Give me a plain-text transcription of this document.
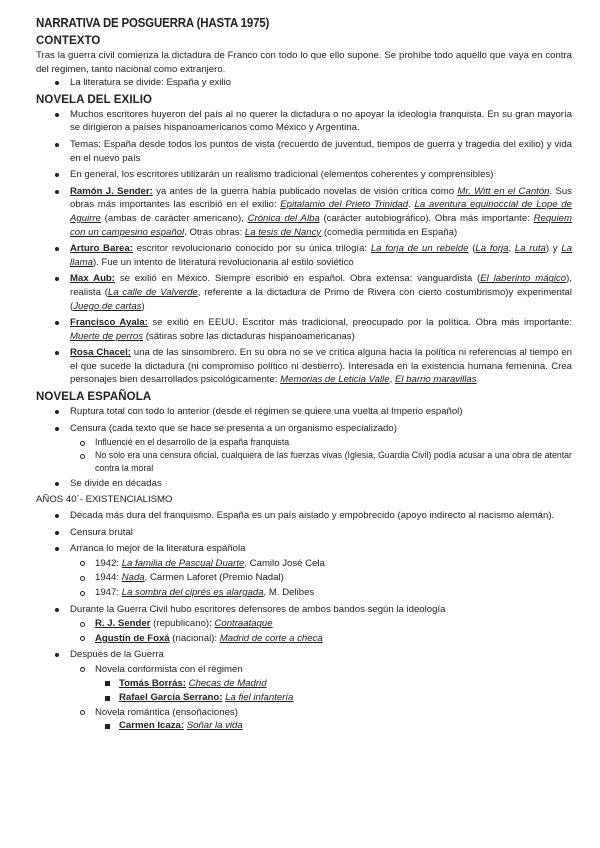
NARRATIVA DE POSGUERRA (HASTA 1975)
CONTEXTO

Tras la guerra civil comienza la dictadura de Franco con todo lo que ello supone. Se prohíbe todo aquello que vaya en contra del régimen, tanto nacional como extranjero.

La literatura se divide: España y exilio
NOVELA DEL EXILIO
Muchos escritores huyeron del país al no querer la dictadura o no apoyar la ideología franquista. En su gran mayoría se dirigieron a países hispanoamericanos como México y Argentina.
Temas: España desde todos los puntos de vista (recuerdo de juventud, tiempos de guerra y tragedia del exilio) y vida en el nuevo país
En general, los escritores utilizarán un realismo tradicional (elementos coherentes y comprensibles)
Ramón J. Sender: ya antes de la guerra había publicado novelas de visión crítica como Mr. Witt en el Cantón. Sus obras más importantes las escribió en el exilio: Epitalamio del Prieto Trinidad. La aventura equinoccial de Lope de Aguirre (ambas de carácter americano), Crónica del Alba (carácter autobiográfico). Obra más importante: Requiem con un campesino español. Otras obras: La tesis de Nancy (comedia permitida en España)
Arturo Barea: escritor revolucionario conocido por su única trilogía: La forja de un rebelde (La forja, La ruta) y La llama). Fue un intento de literatura revolucionaria al estilo soviético
Max Aub: se exilió en México. Siempre escribió en español. Obra extensa: vanguardista (El laberinto mágico), realista (La calle de Valverde, referente a la dictadura de Primo de Rivera con cierto costumbrismo)y experimental (Juego de cartas)
Francisco Ayala: se exilió en EEUU. Escritor más tradicional, preocupado por la política. Obra más importante: Muerte de perros (sátiras sobre las dictaduras hispanoamericanas)
Rosa Chacel: una de las sinsombrero. En su obra no se ve crítica alguna hacia la política ni referencias al tiempo en el que sucede la dictadura (ni compromiso político ni destierro). Interesada en la existencia humana femenina. Crea personajes bien desarrollados psicológicamente: Memorias de Leticia Valle, El barrio maravillas
NOVELA ESPAÑOLA
Ruptura total con todo lo anterior (desde el régimen se quiere una vuelta al Imperio español)
Censura (cada texto que se hace se presenta a un organismo especializado)
Influencié en el desarrollo de la españa franquista
No solo era una censura oficial, cualquiera de las fuerzas vivas (Iglesia, Guardia Civil) podía acusar a una obra de atentar contra la moral
Se divide en décadas
AÑOS 40´- EXISTENCIALISMO
Década más dura del franquismo. España es un país aislado y empobrecido (apoyo indirecto al nacismo alemán).
Censura brutal
Arranca lo mejor de la literatura española
1942: La familia de Pascual Duarte, Camilo José Cela
1944: Nada, Carmen Laforet (Premio Nadal)
1947: La sombra del ciprés es alargada, M. Delibes
Durante la Guerra Civil hubo escritores defensores de ambos bandos según la ideología
R. J. Sender (republicano): Contraataque
Agustín de Foxá (nacional): Madrid de corte a checa
Después de la Guerra
Novela conformista con el régimen
Tomás Borrás: Checas de Madrid
Rafael García Serrano: La fiel infantería
Novela romántica (ensoñaciones)
Carmen Icaza: Soñar la vida
